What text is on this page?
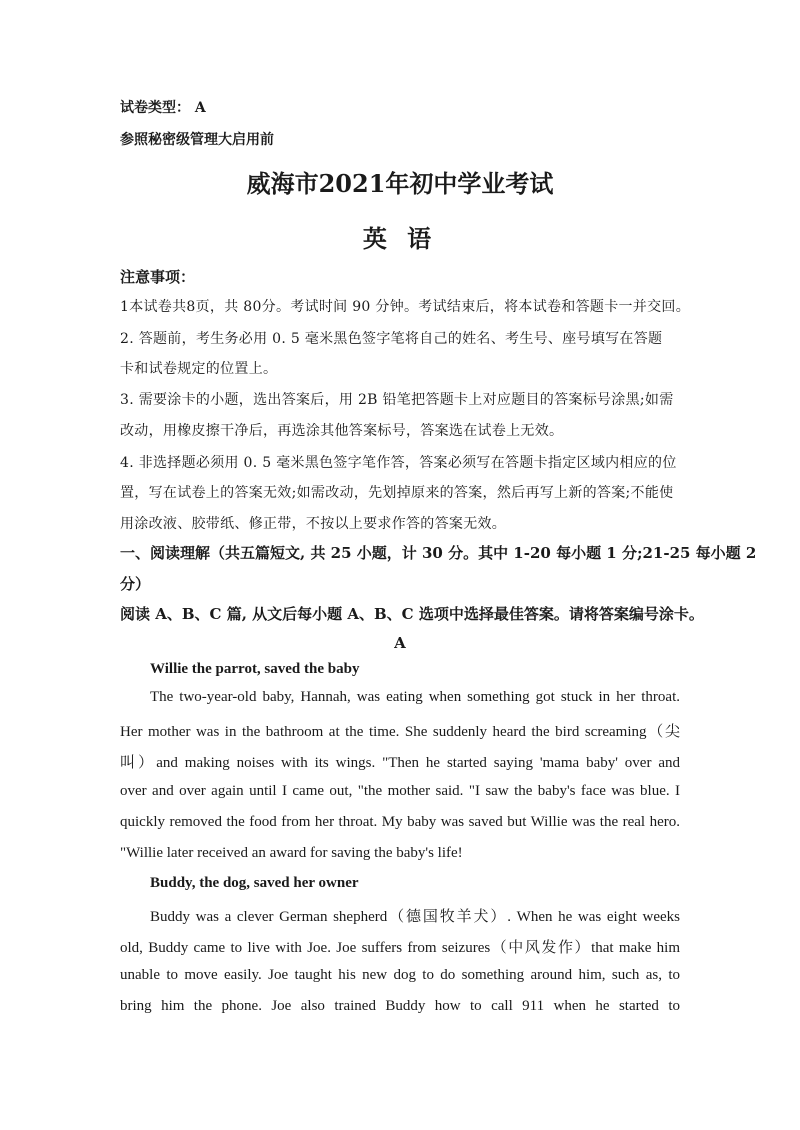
试卷类型： A
参照秘密级管理大启用前
威海市2021年初中学业考试
英 语
注意事项：
1本试卷共8页，共 80分。考试时间 90 分钟。考试结束后，将本试卷和答题卡一并交回。
2. 答题前，考生务必用 0. 5 毫米黑色签字笔将自己的姓名、考生号、座号填写在答题
卡和试卷规定的位置上。
3. 需要涂卡的小题，选出答案后，用 2B 铅笔把答题卡上对应题目的答案标号涂黑;如需
改动，用橡皮擦干净后，再选涂其他答案标号，答案选在试卷上无效。
4. 非选择题必须用 0. 5 毫米黑色签字笔作答，答案必须写在答题卡指定区域内相应的位
置，写在试卷上的答案无效;如需改动，先划掉原来的答案，然后再写上新的答案;不能使
用涂改液、胶带纸、修正带，不按以上要求作答的答案无效。
一、阅读理解（共五篇短文, 共 25 小题，计 30 分。其中 1-20 每小题 1 分;21-25 每小题 2
分）
阅读 A、B、C 篇, 从文后每小题 A、B、C 选项中选择最佳答案。请将答案编号涂卡。
A
Willie the parrot, saved the baby
The two-year-old baby, Hannah, was eating when something got stuck in her throat.
Her mother was in the bathroom at the time. She suddenly heard the bird screaming（尖
叫）and making noises with its wings. "Then he started saying 'mama baby' over and
over and over again until I came out, "the mother said. "I saw the baby's face was blue. I
quickly removed the food from her throat. My baby was saved but Willie was the real hero.
"Willie later received an award for saving the baby's life!
Buddy, the dog, saved her owner
Buddy was a clever German shepherd（德国牧羊犬）. When he was eight weeks
old, Buddy came to live with Joe. Joe suffers from seizures（中风发作）that make him
unable to move easily. Joe taught his new dog to do something around him, such as, to
bring him the phone. Joe also trained Buddy how to call 911 when he started to
